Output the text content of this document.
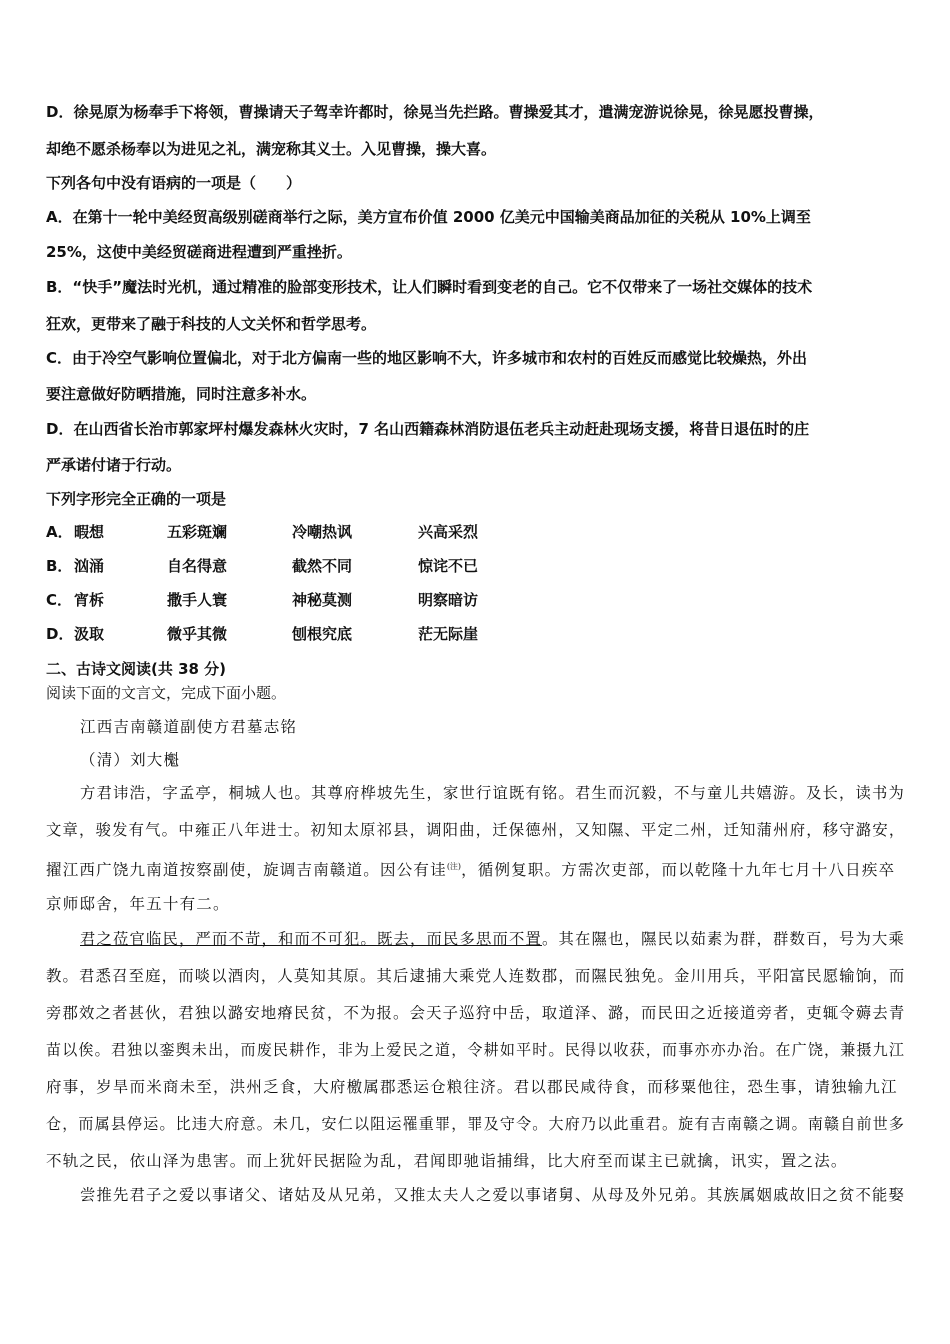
D．徐晃原为杨奉手下将领，曹操请天子驾幸许都时，徐晃当先拦路。曹操爱其才，遣满宠游说徐晃，徐晃愿投曹操，
却绝不愿杀杨奉以为进见之礼，满宠称其义士。入见曹操，操大喜。
下列各句中没有语病的一项是（　　）
A．在第十一轮中美经贸高级别磋商举行之际，美方宣布价值 2000 亿美元中国输美商品加征的关税从 10%上调至
25%，这使中美经贸磋商进程遭到严重挫折。
B．“快手”魔法时光机，通过精准的脸部变形技术，让人们瞬时看到变老的自己。它不仅带来了一场社交媒体的技术
狂欢，更带来了融于科技的人文关怀和哲学思考。
C．由于冷空气影响位置偏北，对于北方偏南一些的地区影响不大，许多城市和农村的百姓反而感觉比较燥热，外出
要注意做好防晒措施，同时注意多补水。
D．在山西省长治市郭家坪村爆发森林火灾时，7 名山西籍森林消防退伍老兵主动赶赴现场支援，将昔日退伍时的庄
严承诺付诸于行动。
下列字形完全正确的一项是
A． 暇想	五彩斑斓	冷嘲热讽	兴高采烈
B． 汹涌	自名得意	截然不同	惊诧不已
C． 宵柝	撒手人寰	神秘莫测	明察暗访
D． 汲取	微乎其微	刨根究底	茫无际崖
二、古诗文阅读(共 38 分)
阅读下面的文言文，完成下面小题。
江西吉南赣道副使方君墓志铭
（清）刘大櫆
方君讳浩，字孟亭，桐城人也。其尊府桦坡先生，家世行谊既有铭。君生而沉毅，不与童儿共嬉游。及长，读书为
文章，骏发有气。中雍正八年进士。初知太原祁县，调阳曲，迁保德州，又知隰、平定二州，迁知蒲州府，移守潞安，
擢江西广饶九南道按察副使，旋调吉南赣道。因公有诖$^{(注)}$，循例复职。方需次吏部，而以乾隆十九年七月十八日疾卒
京师邸舍，年五十有二。
君之莅官临民，严而不苛，和而不可犯。既去，而民多思而不置。其在隰也，隰民以茹素为群，群数百，号为大乘
教。君悉召至庭，而啖以酒肉，人莫知其原。其后逮捕大乘党人连数郡，而隰民独免。金川用兵，平阳富民愿输饷，而
旁郡效之者甚伙，君独以潞安地瘠民贫，不为报。会天子巡狩中岳，取道泽、潞，而民田之近接道旁者，吏辄令薅去青
苗以俟。君独以銮舆未出，而废民耕作，非为上爱民之道，令耕如平时。民得以收获，而事亦亦办治。在广饶，兼摄九江
府事，岁旱而米商未至，洪州乏食，大府檄属郡悉运仓粮往济。君以郡民咸待食，而移粟他往，恐生事，请独输九江
仓，而属县停运。比违大府意。未几，安仁以阻运罹重罪，罪及守令。大府乃以此重君。旋有吉南赣之调。南赣自前世多
不轨之民，依山泽为患害。而上犹奸民据险为乱，君闻即驰诣捕缉，比大府至而谋主已就擒，讯实，置之法。
尝推先君子之爱以事诸父、诸姑及从兄弟，又推太夫人之爱以事诸舅、从母及外兄弟。其族属姻戚故旧之贫不能娶
